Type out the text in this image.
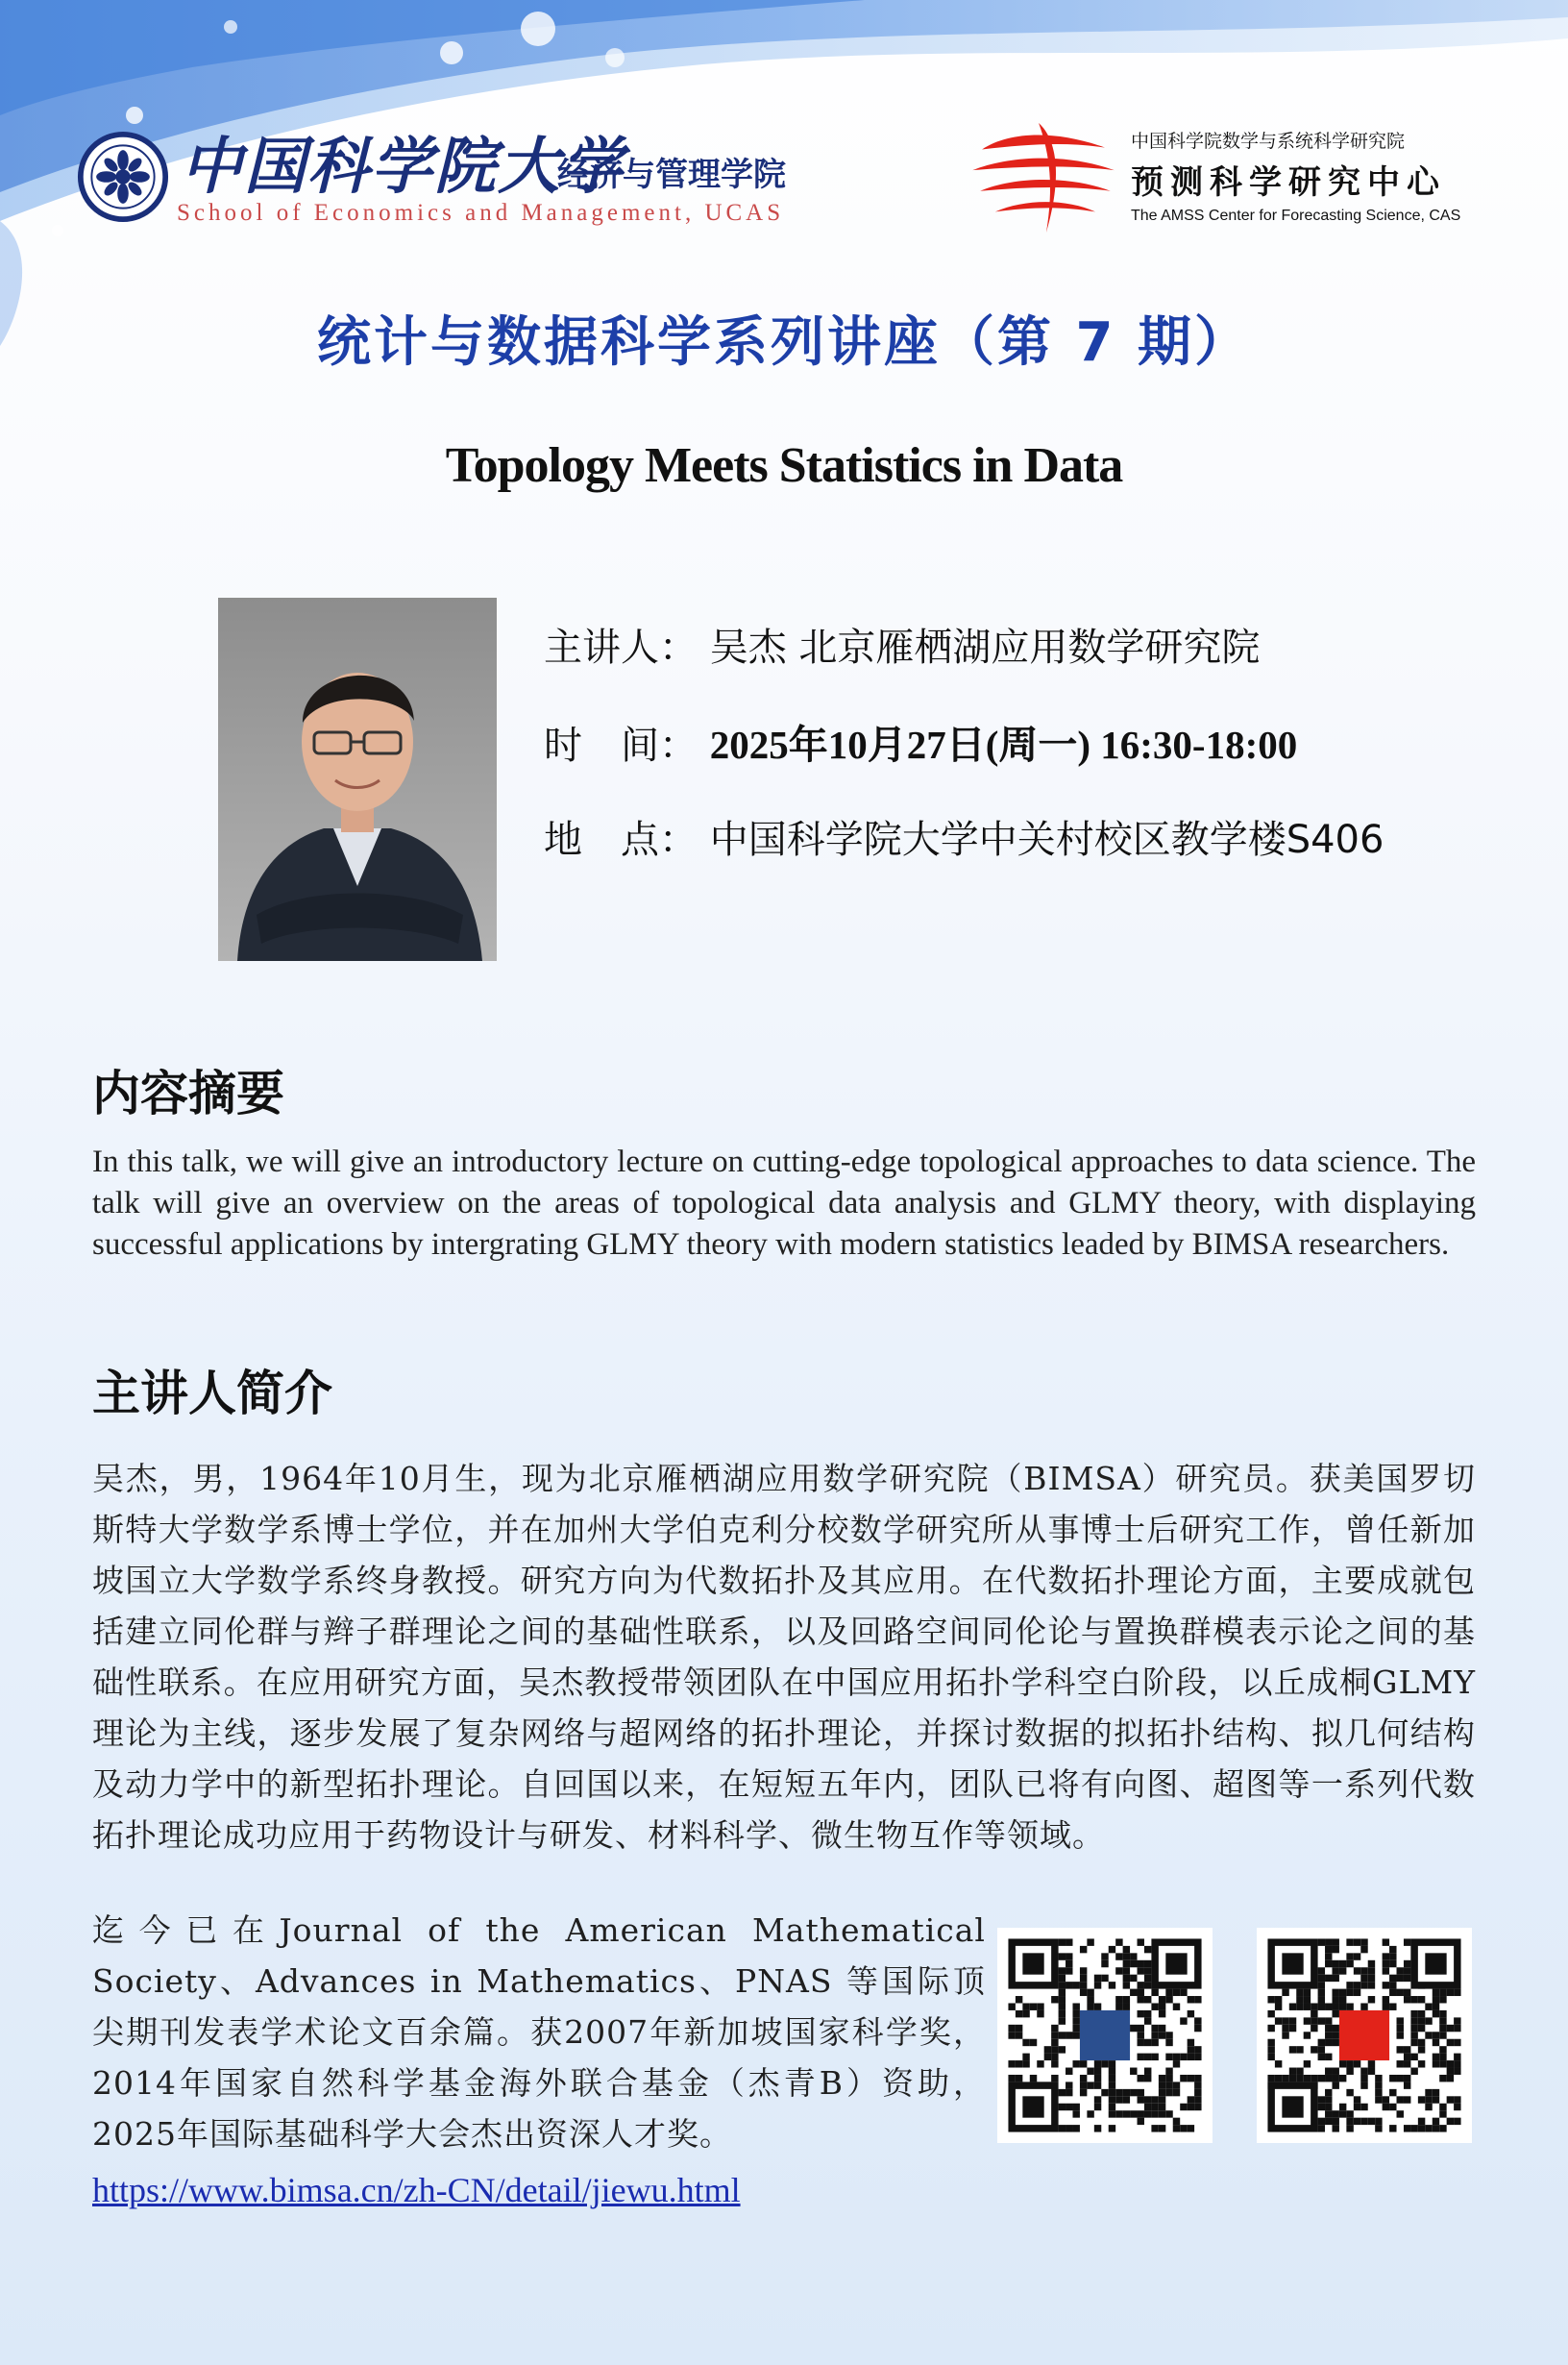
中国科学院大学
经济与管理学院
School of Economics and Management, UCAS
中国科学院数学与系统科学研究院
预测科学研究中心
The AMSS Center for Forecasting Science, CAS
统计与数据科学系列讲座（第 7 期）
Topology Meets Statistics in Data
主讲人： 吴杰 北京雁栖湖应用数学研究院
时　间： 2025年10月27日(周一) 16:30-18:00
地　点： 中国科学院大学中关村校区教学楼S406
内容摘要
In this talk, we will give an introductory lecture on cutting-edge topological approaches to data science. The talk will give an overview on the areas of topological data analysis and GLMY theory, with displaying successful applications by intergrating GLMY theory with modern statistics leaded by BIMSA researchers.
主讲人简介
吴杰，男，1964年10月生，现为北京雁栖湖应用数学研究院（BIMSA）研究员。获美国罗切斯特大学数学系博士学位，并在加州大学伯克利分校数学研究所从事博士后研究工作，曾任新加坡国立大学数学系终身教授。研究方向为代数拓扑及其应用。在代数拓扑理论方面，主要成就包括建立同伦群与辫子群理论之间的基础性联系，以及回路空间同伦论与置换群模表示论之间的基础性联系。在应用研究方面，吴杰教授带领团队在中国应用拓扑学科空白阶段，以丘成桐GLMY理论为主线，逐步发展了复杂网络与超网络的拓扑理论，并探讨数据的拟拓扑结构、拟几何结构及动力学中的新型拓扑理论。自回国以来，在短短五年内，团队已将有向图、超图等一系列代数拓扑理论成功应用于药物设计与研发、材料科学、微生物互作等领域。
迄今已在Journal of the American Mathematical Society、Advances in Mathematics、PNAS 等国际顶尖期刊发表学术论文百余篇。获2007年新加坡国家科学奖，2014年国家自然科学基金海外联合基金（杰青B）资助，2025年国际基础科学大会杰出资深人才奖。
https://www.bimsa.cn/zh-CN/detail/jiewu.html
